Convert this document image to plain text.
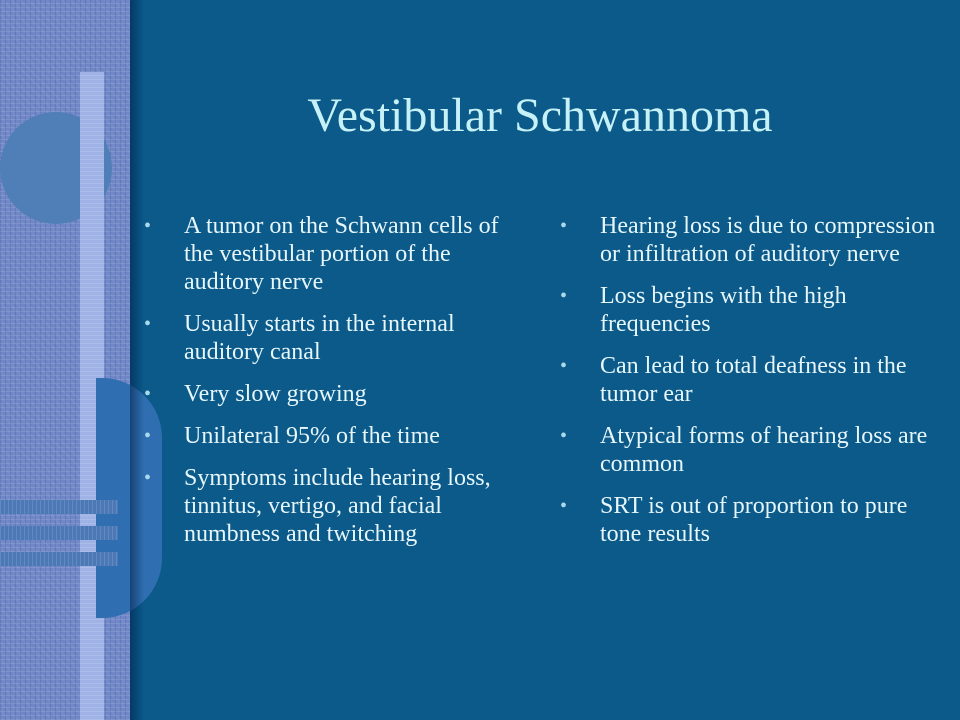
Vestibular Schwannoma
•	A tumor on the Schwann cells of the vestibular portion of the auditory nerve
•	Usually starts in the internal auditory canal
•	Very slow growing
•	Unilateral 95% of the time
•	Symptoms include hearing loss, tinnitus, vertigo, and facial numbness and twitching
•	Hearing loss is due to compression or infiltration of auditory nerve
•	Loss begins with the high frequencies
•	Can lead to total deafness in the tumor ear
•	Atypical forms of hearing loss are common
•	SRT is out of proportion to pure tone results
